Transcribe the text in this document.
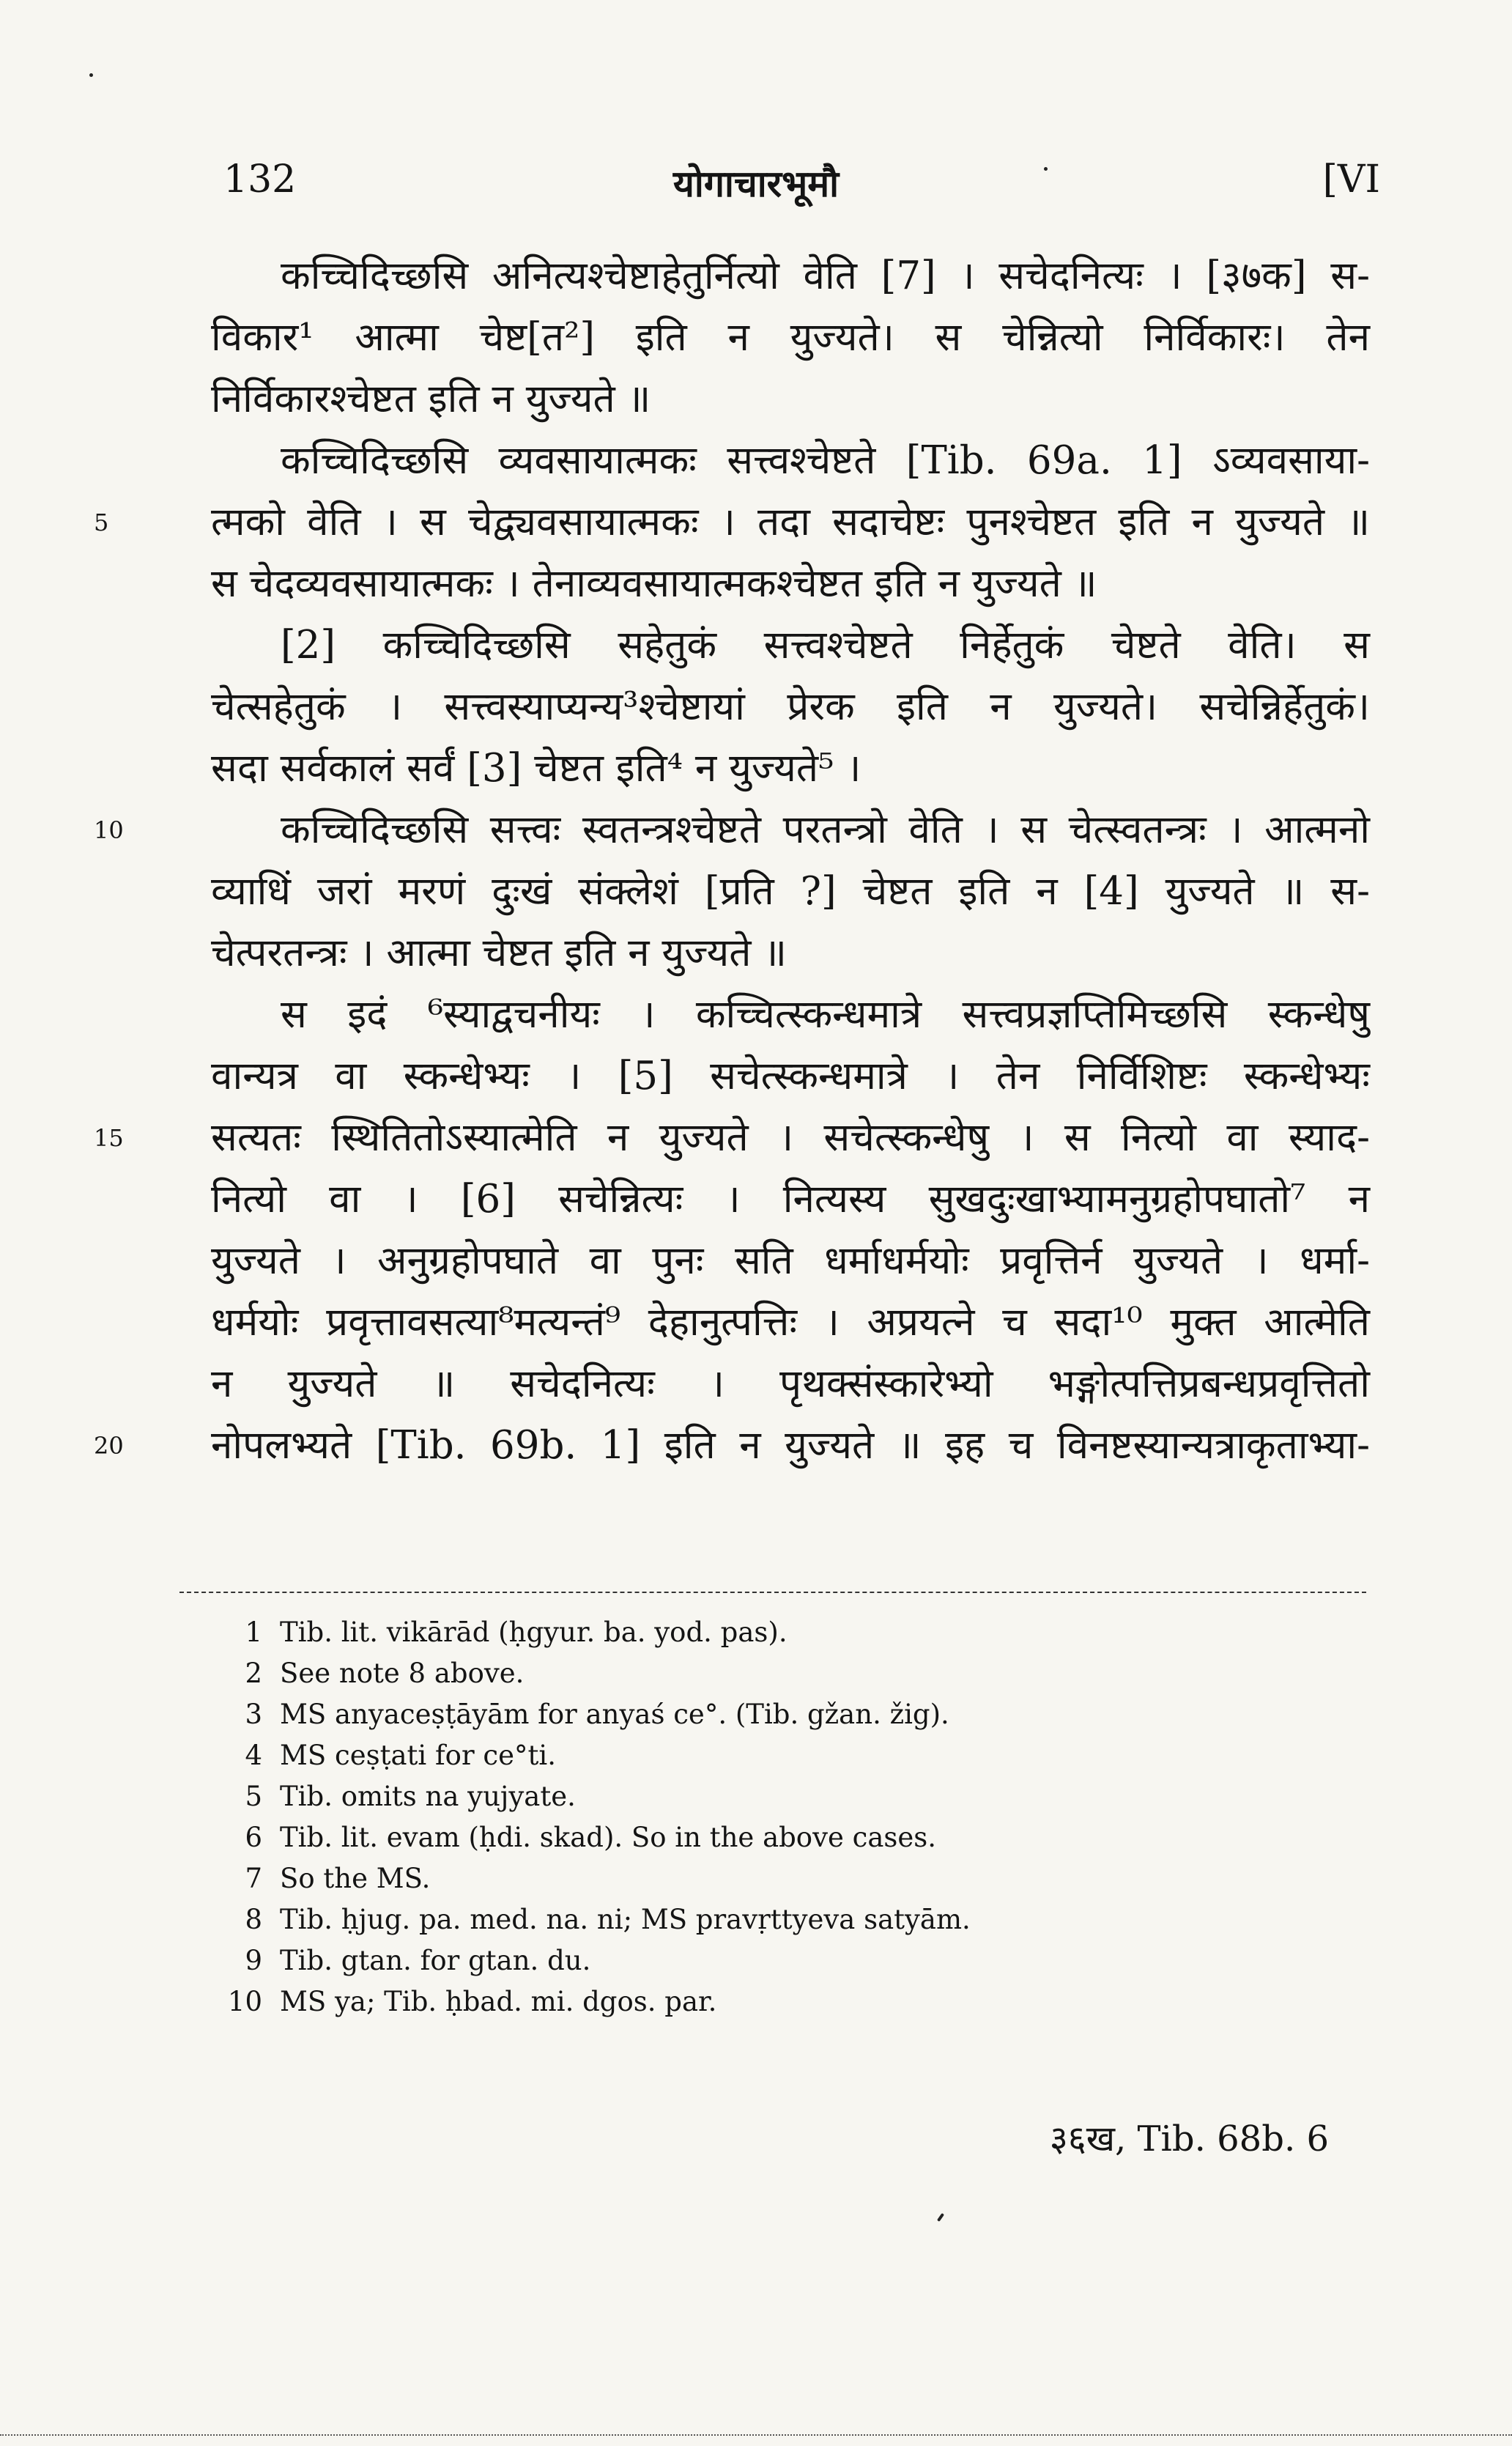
132	योगाचारभूमौ	[VI
कच्चिदिच्छसि अनित्यश्चेष्टाहेतुर्नित्यो वेति [7] । सचेदनित्यः । [३७क] स-
विकार¹ आत्मा चेष्ट[त²] इति न युज्यते। स चेन्नित्यो निर्विकारः। तेन
निर्विकारश्चेष्टत इति न युज्यते ॥
कच्चिदिच्छसि व्यवसायात्मकः सत्त्वश्चेष्टते [Tib. 69a. 1] ऽव्यवसाया-
5	त्मको वेति । स चेद्व्यवसायात्मकः । तदा सदाचेष्टः पुनश्चेष्टत इति न युज्यते ॥
स चेदव्यवसायात्मकः । तेनाव्यवसायात्मकश्चेष्टत इति न युज्यते ॥
[2] कच्चिदिच्छसि सहेतुकं सत्त्वश्चेष्टते निर्हेतुकं चेष्टते वेति। स
चेत्सहेतुकं । सत्त्वस्याप्यन्य³श्चेष्टायां प्रेरक इति न युज्यते। सचेन्निर्हेतुकं।
सदा सर्वकालं सर्वं [3] चेष्टत इति⁴ न युज्यते⁵ ।
10	कच्चिदिच्छसि सत्त्वः स्वतन्त्रश्चेष्टते परतन्त्रो वेति । स चेत्स्वतन्त्रः । आत्मनो
व्याधिं जरां मरणं दुःखं संक्लेशं [प्रति ?] चेष्टत इति न [4] युज्यते ॥ स-
चेत्परतन्त्रः । आत्मा चेष्टत इति न युज्यते ॥
स इदं ⁶स्याद्वचनीयः । कच्चित्स्कन्धमात्रे सत्त्वप्रज्ञप्तिमिच्छसि स्कन्धेषु
वान्यत्र वा स्कन्धेभ्यः । [5] सचेत्स्कन्धमात्रे । तेन निर्विशिष्टः स्कन्धेभ्यः
15	सत्यतः स्थितितोऽस्यात्मेति न युज्यते । सचेत्स्कन्धेषु । स नित्यो वा स्याद-
नित्यो वा । [6] सचेन्नित्यः । नित्यस्य सुखदुःखाभ्यामनुग्रहोपघातो⁷ न
युज्यते । अनुग्रहोपघाते वा पुनः सति धर्माधर्मयोः प्रवृत्तिर्न युज्यते । धर्मा-
धर्मयोः प्रवृत्तावसत्या⁸मत्यन्तं⁹ देहानुत्पत्तिः । अप्रयत्ने च सदा¹⁰ मुक्त आत्मेति
न युज्यते ॥ सचेदनित्यः । पृथक्संस्कारेभ्यो भङ्गोत्पत्तिप्रबन्धप्रवृत्तितो
20	नोपलभ्यते [Tib. 69b. 1] इति न युज्यते ॥ इह च विनष्टस्यान्यत्राकृताभ्या-
1 Tib. lit. vikārād (ḥgyur. ba. yod. pas).
2 See note 8 above.
3 MS anyaceṣṭāyām for anyaś ce°. (Tib. gžan. žig).
4 MS ceṣṭati for ce°ti.
5 Tib. omits na yujyate.
6 Tib. lit. evam (ḥdi. skad). So in the above cases.
7 So the MS.
8 Tib. ḥjug. pa. med. na. ni; MS pravṛttyeva satyām.
9 Tib. gtan. for gtan. du.
10 MS ya; Tib. ḥbad. mi. dgos. par.
३६ख, Tib. 68b. 6
